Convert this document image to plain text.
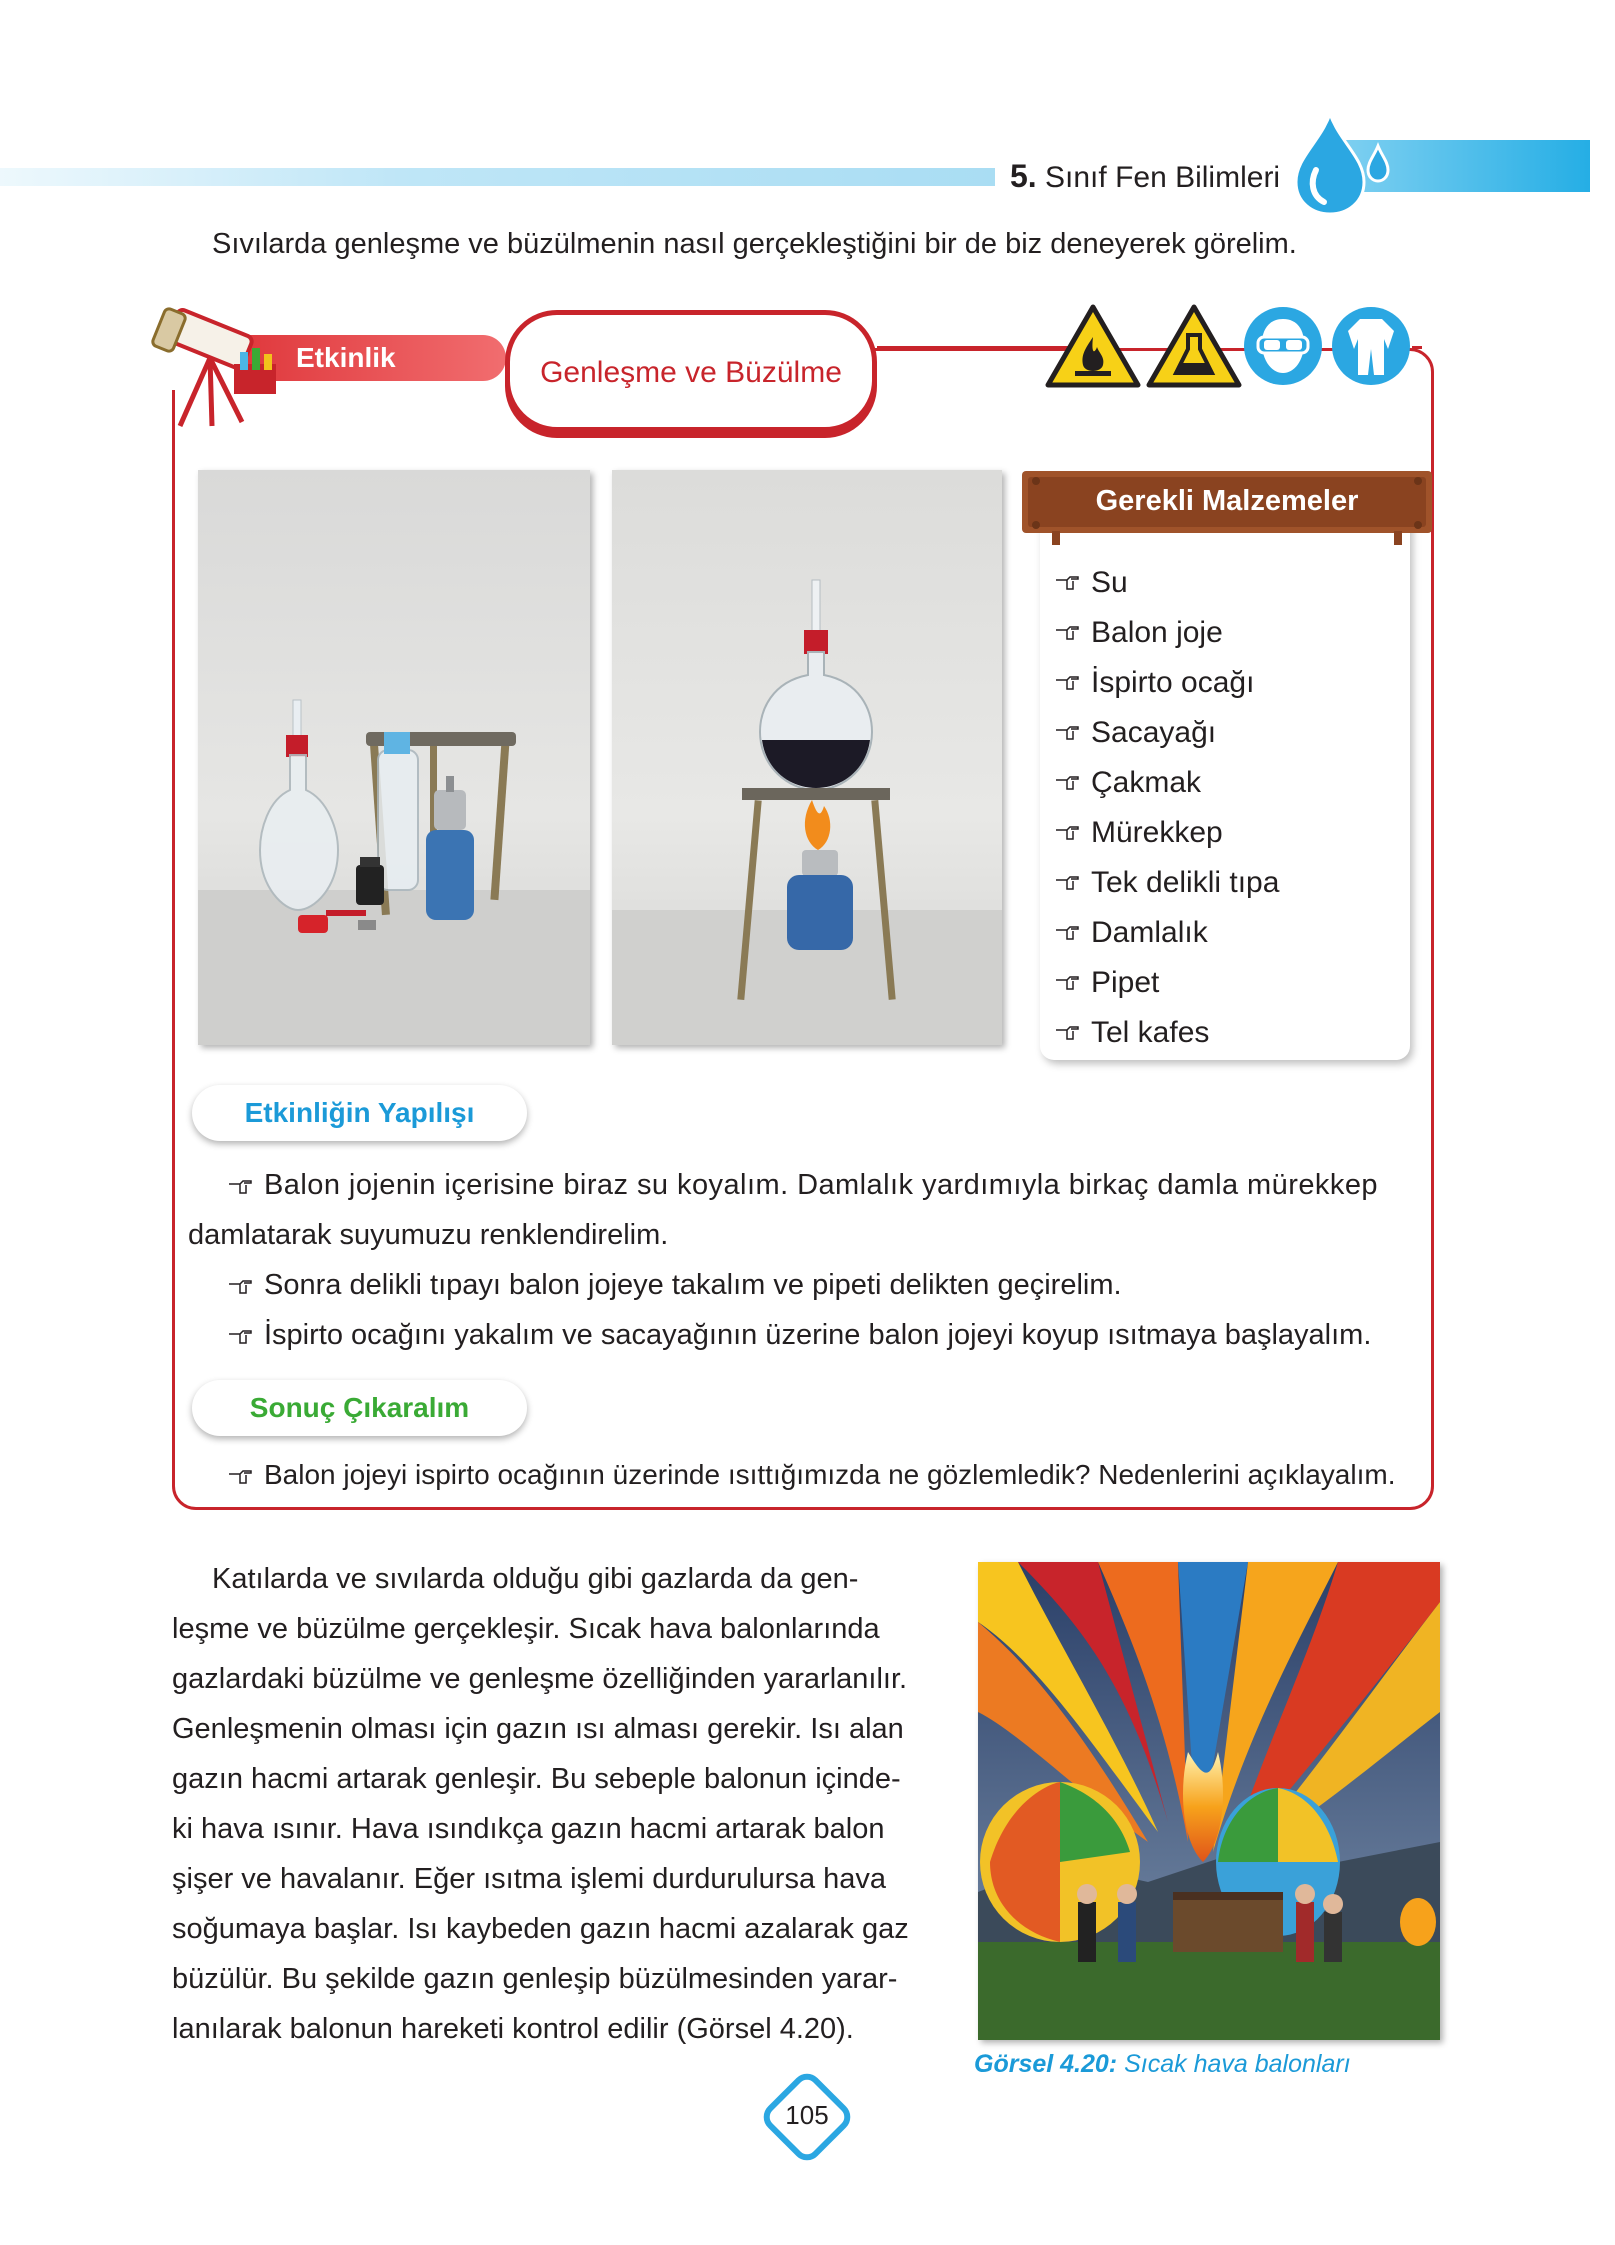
5. Sınıf Fen Bilimleri
Sıvılarda genleşme ve büzülmenin nasıl gerçekleştiğini bir de biz deneyerek görelim.
Etkinlik	Genleşme ve Büzülme
Gerekli Malzemeler
Su
Balon joje
İspirto ocağı
Sacayağı
Çakmak
Mürekkep
Tek delikli tıpa
Damlalık
Pipet
Tel kafes
Etkinliğin Yapılışı
Balon jojenin içerisine biraz su koyalım. Damlalık yardımıyla birkaç damla mürekkep
damlatarak suyumuzu renklendirelim.
Sonra delikli tıpayı balon jojeye takalım ve pipeti delikten geçirelim.
İspirto ocağını yakalım ve sacayağının üzerine balon jojeyi koyup ısıtmaya başlayalım.
Sonuç Çıkaralım
Balon jojeyi ispirto ocağının üzerinde ısıttığımızda ne gözlemledik? Nedenlerini açıklayalım.
Katılarda ve sıvılarda olduğu gibi gazlarda da gen-
leşme ve büzülme gerçekleşir. Sıcak hava balonlarında
gazlardaki büzülme ve genleşme özelliğinden yararlanılır.
Genleşmenin olması için gazın ısı alması gerekir. Isı alan
gazın hacmi artarak genleşir. Bu sebeple balonun içinde-
ki hava ısınır. Hava ısındıkça gazın hacmi artarak balon
şişer ve havalanır. Eğer ısıtma işlemi durdurulursa hava
soğumaya başlar. Isı kaybeden gazın hacmi azalarak gaz
büzülür. Bu şekilde gazın genleşip büzülmesinden yarar-
lanılarak balonun hareketi kontrol edilir (Görsel 4.20).
Görsel 4.20: Sıcak hava balonları
105
